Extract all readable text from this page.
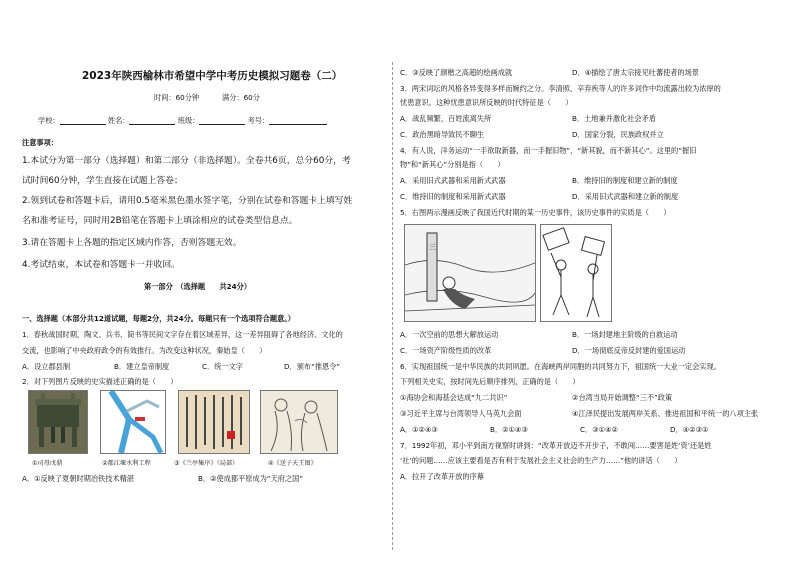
2023年陕西榆林市希望中学中考历史模拟习题卷（二）
时间：60分钟	满分：60分
学校：	姓名：	班级：	考号：
注意事项：
1.本试分为第一部分（选择题）和第二部分（非选择题）。全卷共6页，总分60分，考
试时间60分钟，学生直接在试题上答卷；
2.领到试卷和答题卡后，请用0.5毫米黑色墨水签字笔，分别在试卷和答题卡上填写姓
名和准考证号，同时用2B铅笔在答题卡上填涂相应的试卷类型信息点。
3.请在答题卡上各题的指定区域内作答，否则答题无效。
4.考试结束，本试卷和答题卡一并收回。
第一部分　（选择题　　共24分）
一、选择题（本部分共12道试题，每题2分，共24分。每题只有一个选项符合题意。）
1．春秋战国时期，陶文、兵书、简书等民间文字存在着区域差异，这一差异阻碍了各地经济、文化的
交流，也影响了中央政府政令的有效推行。为改变这种状况，秦始皇（　　）
A．设立郡县制	B．建立皇帝制度	C．统一文字	D．颁布“推恩令”
2．对下列图片反映的史实描述正确的是（　　）
①司母戊鼎	②都江堰水利工程	③《兰亭集序》（局部）	④《送子天王图》
A．①反映了夏朝时期冶铁技术精湛	B．②使成都平原成为“天府之国”
C．③反映了颜楷之高超的绘画成就	D．④描绘了唐太宗接见吐蕃使者的场景
3．两宋词坛的风格各异变得多样而婉约之分。李清照、辛弃疾等人的许多词作中均流露出较为浓厚的
忧患意识。这种忧患意识所反映的时代特征是（　　）
A．战乱频繁，百姓流离失所	B．土地兼并激化社会矛盾
C．政治黑暗导致民不聊生	D．国家分裂，民族政权并立
4．有人说，洋务运动“一手欲取新器，而一手握旧物”，“新其貌，而不新其心”。这里的“握旧
物”和“新其心”分别是指（　　）
A．采用旧式武器和采用新式武器	B．维持旧的制度和建立新的制度
C．维持旧的制度和采用新式武器	D．采用旧式武器和建立新的制度
5．右图两示漫画反映了我国近代时期的某一历史事件，该历史事件的实质是（　　）
三
A．一次空前的思想大解放运动	B．一场封建地主阶级的自救运动
C．一场资产阶级性质的改革	D．一场彻底反帝反封建的爱国运动
6．实现祖国统一是中华民族的共同夙愿。在海峡两岸同胞的共同努力下，祖国统一大业一定会实现。
下列相关史实，按时间先后顺序排列，正确的是（　　）
①海协会和海基会达成“九二共识”	②台湾当局开始调整“三不”政策
③习近平主席与台湾领导人马英九会面	④江泽民提出发展两岸关系、推进祖国和平统一的八项主张
A．①②④③	B．②①④③	C．③①④②	D．④②③①
7．1992年初，邓小平到南方视察时讲到：“改革开放迈不开步子，不敢闯……要害是姓‘资’还是姓
‘社’的问题……应该主要看是否有利于发展社会主义社会的生产力……”他的讲话（　　）
A．拉开了改革开放的序幕
